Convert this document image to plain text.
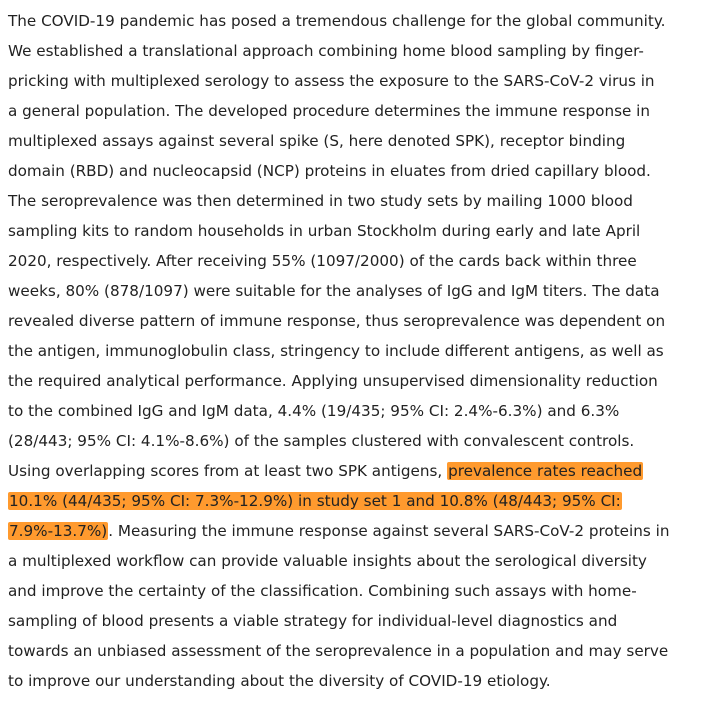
The COVID-19 pandemic has posed a tremendous challenge for the global community.
We established a translational approach combining home blood sampling by finger-
pricking with multiplexed serology to assess the exposure to the SARS-CoV-2 virus in
a general population. The developed procedure determines the immune response in
multiplexed assays against several spike (S, here denoted SPK), receptor binding
domain (RBD) and nucleocapsid (NCP) proteins in eluates from dried capillary blood.
The seroprevalence was then determined in two study sets by mailing 1000 blood
sampling kits to random households in urban Stockholm during early and late April
2020, respectively. After receiving 55% (1097/2000) of the cards back within three
weeks, 80% (878/1097) were suitable for the analyses of IgG and IgM titers. The data
revealed diverse pattern of immune response, thus seroprevalence was dependent on
the antigen, immunoglobulin class, stringency to include different antigens, as well as
the required analytical performance. Applying unsupervised dimensionality reduction
to the combined IgG and IgM data, 4.4% (19/435; 95% CI: 2.4%-6.3%) and 6.3%
(28/443; 95% CI: 4.1%-8.6%) of the samples clustered with convalescent controls.
Using overlapping scores from at least two SPK antigens, prevalence rates reached
10.1% (44/435; 95% CI: 7.3%-12.9%) in study set 1 and 10.8% (48/443; 95% CI:
7.9%-13.7%). Measuring the immune response against several SARS-CoV-2 proteins in
a multiplexed workflow can provide valuable insights about the serological diversity
and improve the certainty of the classification. Combining such assays with home-
sampling of blood presents a viable strategy for individual-level diagnostics and
towards an unbiased assessment of the seroprevalence in a population and may serve
to improve our understanding about the diversity of COVID-19 etiology.
